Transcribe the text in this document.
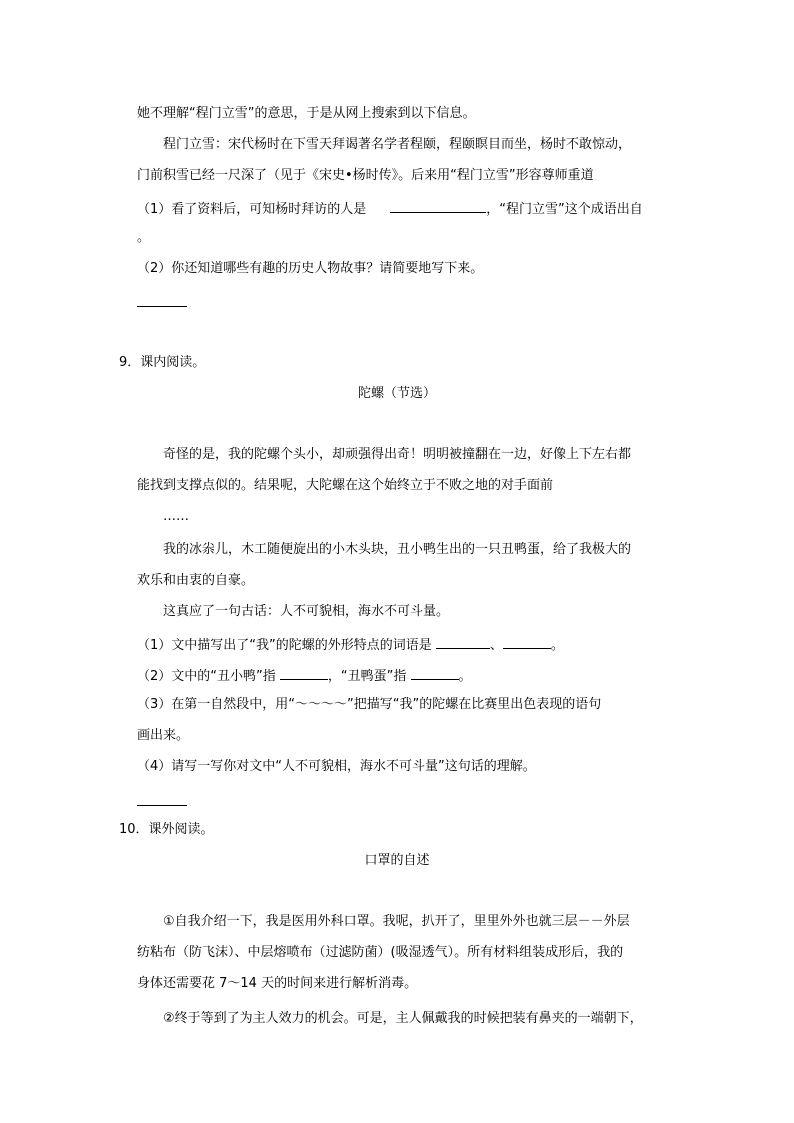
她不理解“程门立雪”的意思，于是从网上搜索到以下信息。
程门立雪：宋代杨时在下雪天拜谒著名学者程颐，程颐瞑目而坐，杨时不敢惊动，
门前积雪已经一尺深了（见于《宋史•杨时传》。后来用“程门立雪”形容尊师重道
（1）看了资料后，可知杨时拜访的人是	，“程门立雪”这个成语出自
。
（2）你还知道哪些有趣的历史人物故事？请简要地写下来。
9．课内阅读。
陀螺（节选）
奇怪的是，我的陀螺个头小，却顽强得出奇！明明被撞翻在一边，好像上下左右都
能找到支撑点似的。结果呢，大陀螺在这个始终立于不败之地的对手面前
……
我的冰尜儿，木工随便旋出的小木头块，丑小鸭生出的一只丑鸭蛋，给了我极大的
欢乐和由衷的自豪。
这真应了一句古话：人不可貌相，海水不可斗量。
（1）文中描写出了“我”的陀螺的外形特点的词语是	、	。
（2）文中的“丑小鸭”指	，“丑鸭蛋”指	。
（3）在第一自然段中，用“～～～～”把描写“我”的陀螺在比赛里出色表现的语句
画出来。
（4）请写一写你对文中“人不可貌相，海水不可斗量”这句话的理解。
10．课外阅读。
口罩的自述
①自我介绍一下，我是医用外科口罩。我呢，扒开了，里里外外也就三层－－外层
纺粘布（防飞沫）、中层熔喷布（过滤防菌）(吸湿透气）。所有材料组装成形后，我的
身体还需要花 7～14 天的时间来进行解析消毒。
②终于等到了为主人效力的机会。可是，主人佩戴我的时候把装有鼻夹的一端朝下，
